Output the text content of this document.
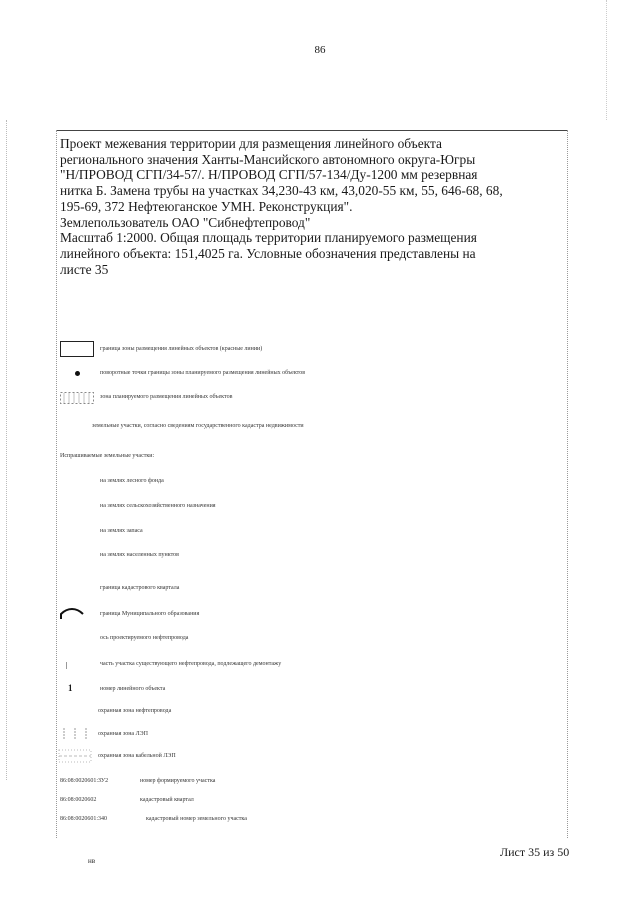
86
Проект межевания территории для размещения линейного объекта
регионального значения Ханты-Мансийского автономного округа-Югры
"Н/ПРОВОД СГП/34-57/. Н/ПРОВОД СГП/57-134/Ду-1200 мм резервная
нитка Б. Замена трубы на участках 34,230-43 км, 43,020-55 км, 55, 646-68, 68,
195-69, 372 Нефтеюганское УМН. Реконструкция".
Землепользователь ОАО "Сибнефтепровод"
Масштаб 1:2000. Общая площадь территории планируемого размещения
линейного объекта: 151,4025 га. Условные обозначения представлены на
листе 35
граница зоны размещения линейных объектов (красные линии)
поворотные точки границы зоны планируемого размещения линейных объектов
зона планируемого размещения линейных объектов
земельные участки, согласно сведениям государственного кадастра недвижимости
Испрашиваемые земельные участки:
на землях лесного фонда
на землях сельскохозяйственного назначения
на землях запаса
на землях населенных пунктов
граница кадастрового квартала
граница Муниципального образования
ось проектируемого нефтепровода
часть участка существующего нефтепровода, подлежащего демонтажу
1	номер линейного объекта
охранная зона нефтепровода
охранная зона ЛЭП
охранная зона кабельной ЛЭП
86:08:0020601:ЗУ2	номер формируемого участка
86:08:0020602	кадастровый квартал
86:08:0020601:340	кадастровый номер земельного участка
Лист 35 из 50
нв
